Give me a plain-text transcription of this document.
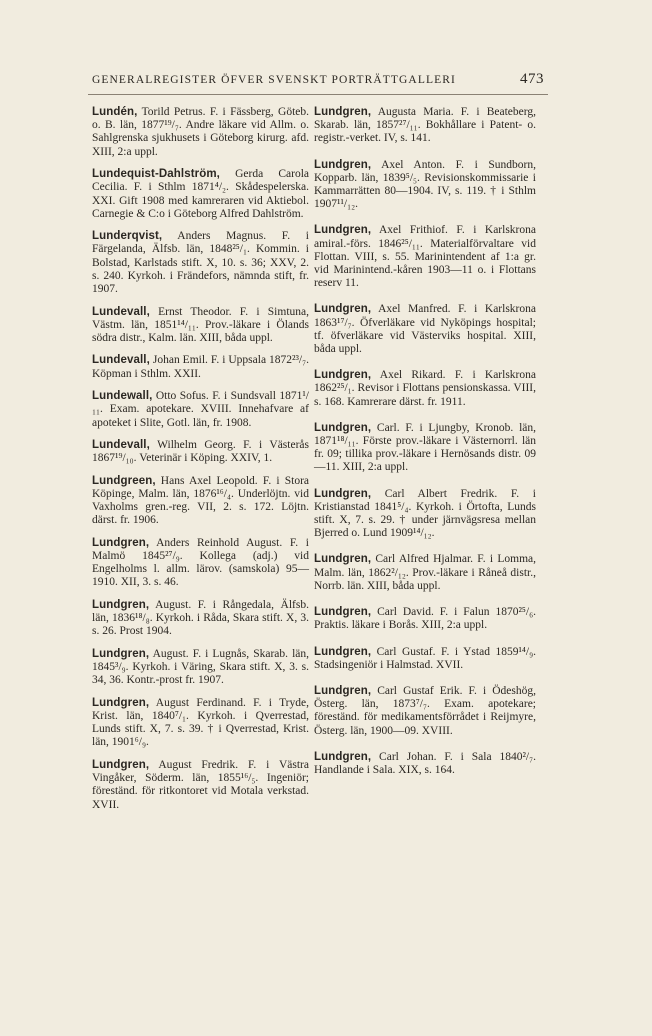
GENERALREGISTER ÖFVER SVENSKT PORTRÄTTGALLERI	473

Lundén, Torild Petrus. F. i Fässberg, Göteb. o. B. län, 1877¹⁹/₇. Andre läkare vid Allm. o. Sahlgrenska sjukhusets i Göteborg kirurg. afd. XIII, 2:a uppl.

Lundequist-Dahlström, Gerda Carola Cecilia. F. i Sthlm 1871⁴/₂. Skådespelerska. XXI. Gift 1908 med kamreraren vid Aktiebol. Carnegie & C:o i Göteborg Alfred Dahlström.

Lunderqvist, Anders Magnus. F. i Färgelanda, Älfsb. län, 1848²⁵/₁. Kommin. i Bolstad, Karlstads stift. X, 10. s. 36; XXV, 2. s. 240. Kyrkoh. i Frändefors, nämnda stift, fr. 1907.

Lundevall, Ernst Theodor. F. i Simtuna, Västm. län, 1851¹⁴/₁₁. Prov.-läkare i Ölands södra distr., Kalm. län. XIII, båda uppl.

Lundevall, Johan Emil. F. i Uppsala 1872²³/₇. Köpman i Sthlm. XXII.

Lundewall, Otto Sofus. F. i Sundsvall 1871¹/₁₁. Exam. apotekare. XVIII. Innehafvare af apoteket i Slite, Gotl. län, fr. 1908.

Lundevall, Wilhelm Georg. F. i Västerås 1867¹⁹/₁₀. Veterinär i Köping. XXIV, 1.

Lundgreen, Hans Axel Leopold. F. i Stora Köpinge, Malm. län, 1876¹⁶/₄. Underlöjtn. vid Vaxholms gren.-reg. VII, 2. s. 172. Löjtn. därst. fr. 1906.

Lundgren, Anders Reinhold August. F. i Malmö 1845²⁷/₉. Kollega (adj.) vid Engelholms l. allm. lärov. (samskola) 95—1910. XII, 3. s. 46.

Lundgren, August. F. i Rångedala, Älfsb. län, 1836¹⁸/₈. Kyrkoh. i Råda, Skara stift. X, 3. s. 26. Prost 1904.

Lundgren, August. F. i Lugnås, Skarab. län, 1845³/₉. Kyrkoh. i Väring, Skara stift. X, 3. s. 34, 36. Kontr.-prost fr. 1907.

Lundgren, August Ferdinand. F. i Tryde, Krist. län, 1840⁷/₁. Kyrkoh. i Qverrestad, Lunds stift. X, 7. s. 39. † i Qverrestad, Krist. län, 1901⁶/₉.

Lundgren, August Fredrik. F. i Västra Vingåker, Söderm. län, 1855¹⁶/₅. Ingeniör; föreständ. för ritkontoret vid Motala verkstad. XVII.

Lundgren, Augusta Maria. F. i Beateberg, Skarab. län, 1857²⁷/₁₁. Bokhållare i Patent- o. registr.-verket. IV, s. 141.

Lundgren, Axel Anton. F. i Sundborn, Kopparb. län, 1839⁵/₅. Revisionskommissarie i Kammarrätten 80—1904. IV, s. 119. † i Sthlm 1907¹¹/₁₂.

Lundgren, Axel Frithiof. F. i Karlskrona amiral.-förs. 1846²⁵/₁₁. Materialförvaltare vid Flottan. VIII, s. 55. Marinintendent af 1:a gr. vid Marinintend.-kåren 1903—11 o. i Flottans reserv 11.

Lundgren, Axel Manfred. F. i Karlskrona 1863¹⁷/₇. Öfverläkare vid Nyköpings hospital; tf. öfverläkare vid Västerviks hospital. XIII, båda uppl.

Lundgren, Axel Rikard. F. i Karlskrona 1862²⁵/₁. Revisor i Flottans pensionskassa. VIII, s. 168. Kamrerare därst. fr. 1911.

Lundgren, Carl. F. i Ljungby, Kronob. län, 1871¹⁸/₁₁. Förste prov.-läkare i Västernorrl. län fr. 09; tillika prov.-läkare i Hernösands distr. 09—11. XIII, 2:a uppl.

Lundgren, Carl Albert Fredrik. F. i Kristianstad 1841⁵/₄. Kyrkoh. i Örtofta, Lunds stift. X, 7. s. 29. † under järnvägsresa mellan Bjerred o. Lund 1909¹⁴/₁₂.

Lundgren, Carl Alfred Hjalmar. F. i Lomma, Malm. län, 1862²/₁₂. Prov.-läkare i Råneå distr., Norrb. län. XIII, båda uppl.

Lundgren, Carl David. F. i Falun 1870²⁵/₆. Praktis. läkare i Borås. XIII, 2:a uppl.

Lundgren, Carl Gustaf. F. i Ystad 1859¹⁴/₉. Stadsingeniör i Halmstad. XVII.

Lundgren, Carl Gustaf Erik. F. i Ödeshög, Österg. län, 1873⁷/₇. Exam. apotekare; föreständ. för medikamentsförrådet i Reijmyre, Österg. län, 1900—09. XVIII.

Lundgren, Carl Johan. F. i Sala 1840²/₇. Handlande i Sala. XIX, s. 164.
